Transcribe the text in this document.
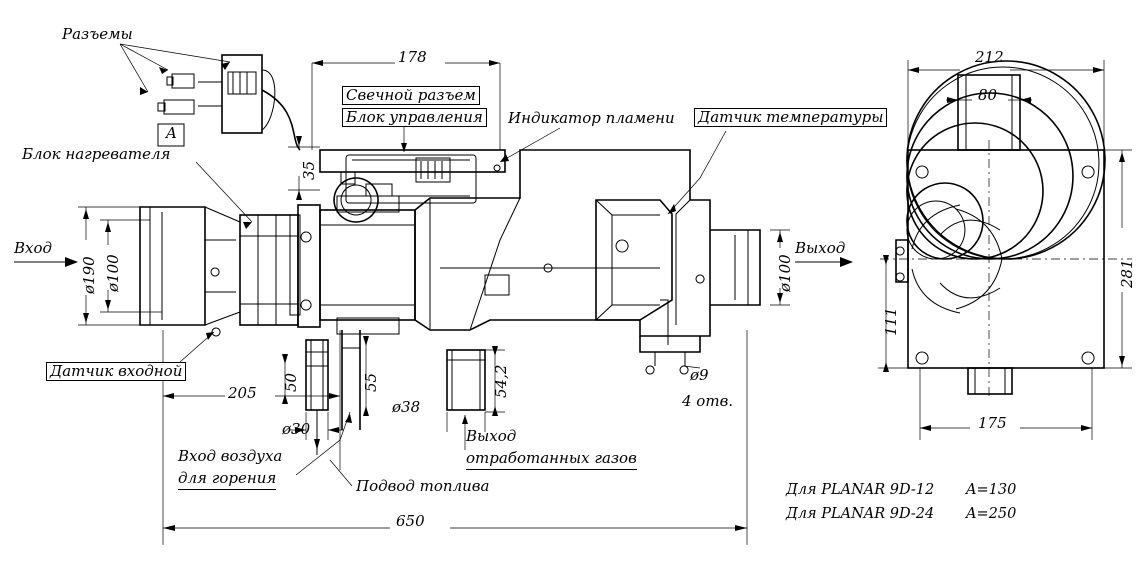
Разъемы
A
Блок нагревателя
Свечной разъем
Блок управления Индикатор пламени Датчик температуры
Вход	Выход
Датчик входной
Вход воздуха
для горения	Подвод топлива
Выход
отработанных газов
178
35
ø190 ø100	ø100
205
50	55
ø38
54,2
ø30
ø9
4 отв.
650
212
80
281
111
175
Для PLANAR 9D-12 A=130
Для PLANAR 9D-24 A=250
